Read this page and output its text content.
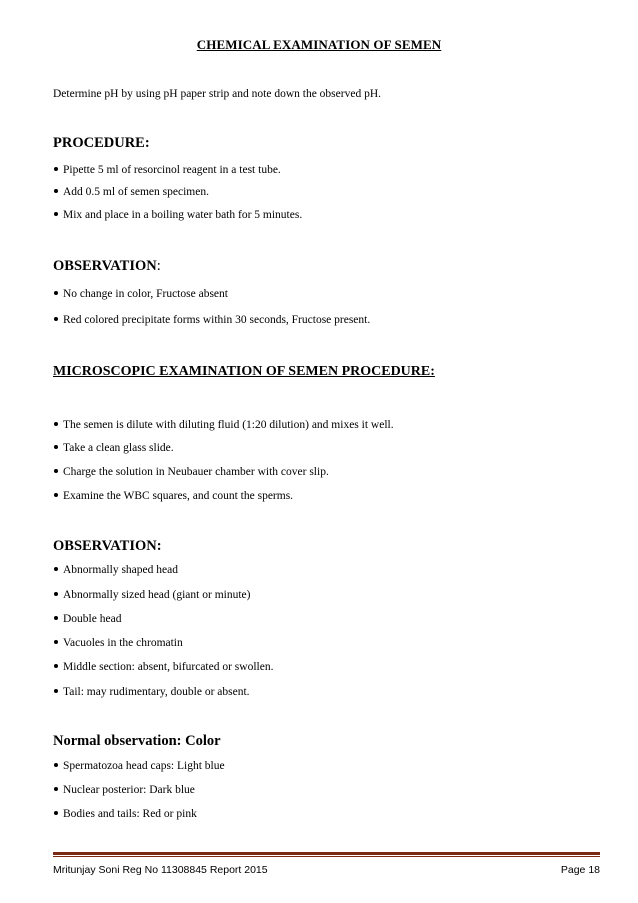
CHEMICAL EXAMINATION OF SEMEN
Determine pH by using pH paper strip and note down the observed pH.
PROCEDURE:
Pipette 5 ml of resorcinol reagent in a test tube.
Add 0.5 ml of semen specimen.
Mix and place in a boiling water bath for 5 minutes.
OBSERVATION:
No change in color, Fructose absent
Red colored precipitate forms within 30 seconds, Fructose present.
MICROSCOPIC EXAMINATION OF SEMEN PROCEDURE:
The semen is dilute with diluting fluid (1:20 dilution) and mixes it well.
Take a clean glass slide.
Charge the solution in Neubauer chamber with cover slip.
Examine the WBC squares, and count the sperms.
OBSERVATION:
Abnormally shaped head
Abnormally sized head (giant or minute)
Double head
Vacuoles in the chromatin
Middle section: absent, bifurcated or swollen.
Tail: may rudimentary, double or absent.
Normal observation: Color
Spermatozoa head caps: Light blue
Nuclear posterior: Dark blue
Bodies and tails: Red or pink
Mritunjay Soni Reg No 11308845 Report 2015	Page 18
